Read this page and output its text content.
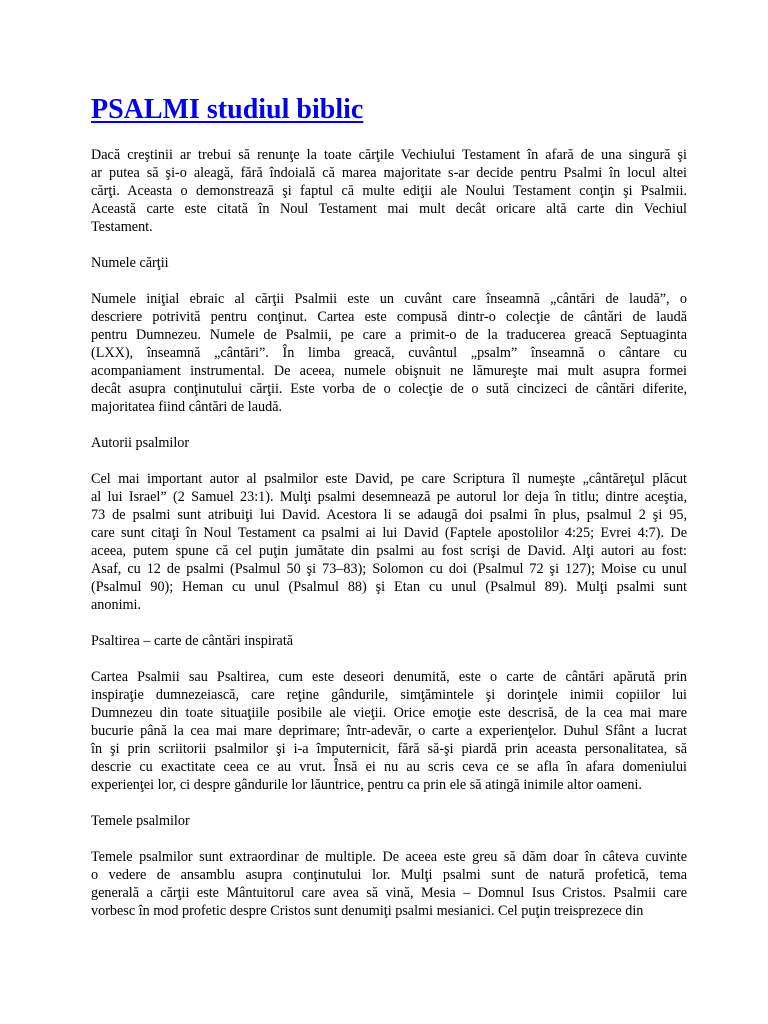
PSALMI studiul biblic
Dacă creştinii ar trebui să renunţe la toate cărţile Vechiului Testament în afară de una singură şi
ar putea să şi-o aleagă, fără îndoială că marea majoritate s-ar decide pentru Psalmi în locul altei
cărţi. Aceasta o demonstrează şi faptul că multe ediţii ale Noului Testament conţin şi Psalmii.
Această carte este citată în Noul Testament mai mult decât oricare altă carte din Vechiul
Testament.

Numele cărţii

Numele iniţial ebraic al cărţii Psalmii este un cuvânt care înseamnă „cântări de laudă”, o
descriere potrivită pentru conţinut. Cartea este compusă dintr-o colecţie de cântări de laudă
pentru Dumnezeu. Numele de Psalmii, pe care a primit-o de la traducerea greacă Septuaginta
(LXX), înseamnă „cântări”. În limba greacă, cuvântul „psalm” înseamnă o cântare cu
acompaniament instrumental. De aceea, numele obişnuit ne lămureşte mai mult asupra formei
decât asupra conţinutului cărţii. Este vorba de o colecţie de o sută cincizeci de cântări diferite,
majoritatea fiind cântări de laudă.

Autorii psalmilor

Cel mai important autor al psalmilor este David, pe care Scriptura îl numeşte „cântăreţul plăcut
al lui Israel” (2 Samuel 23:1). Mulţi psalmi desemnează pe autorul lor deja în titlu; dintre aceştia,
73 de psalmi sunt atribuiţi lui David. Acestora li se adaugă doi psalmi în plus, psalmul 2 şi 95,
care sunt citaţi în Noul Testament ca psalmi ai lui David (Faptele apostolilor 4:25; Evrei 4:7). De
aceea, putem spune că cel puţin jumătate din psalmi au fost scrişi de David. Alţi autori au fost:
Asaf, cu 12 de psalmi (Psalmul 50 şi 73–83); Solomon cu doi (Psalmul 72 şi 127); Moise cu unul
(Psalmul 90); Heman cu unul (Psalmul 88) şi Etan cu unul (Psalmul 89). Mulţi psalmi sunt
anonimi.

Psaltirea – carte de cântări inspirată

Cartea Psalmii sau Psaltirea, cum este deseori denumită, este o carte de cântări apărută prin
inspiraţie dumnezeiască, care reţine gândurile, simţămintele şi dorinţele inimii copiilor lui
Dumnezeu din toate situaţiile posibile ale vieţii. Orice emoţie este descrisă, de la cea mai mare
bucurie până la cea mai mare deprimare; într-adevăr, o carte a experienţelor. Duhul Sfânt a lucrat
în şi prin scriitorii psalmilor şi i-a împuternicit, fără să-şi piardă prin aceasta personalitatea, să
descrie cu exactitate ceea ce au vrut. Însă ei nu au scris ceva ce se afla în afara domeniului
experienţei lor, ci despre gândurile lor lăuntrice, pentru ca prin ele să atingă inimile altor oameni.

Temele psalmilor

Temele psalmilor sunt extraordinar de multiple. De aceea este greu să dăm doar în câteva cuvinte
o vedere de ansamblu asupra conţinutului lor. Mulţi psalmi sunt de natură profetică, tema
generală a cărţii este Mântuitorul care avea să vină, Mesia – Domnul Isus Cristos. Psalmii care
vorbesc în mod profetic despre Cristos sunt denumiţi psalmi mesianici. Cel puţin treisprezece din
